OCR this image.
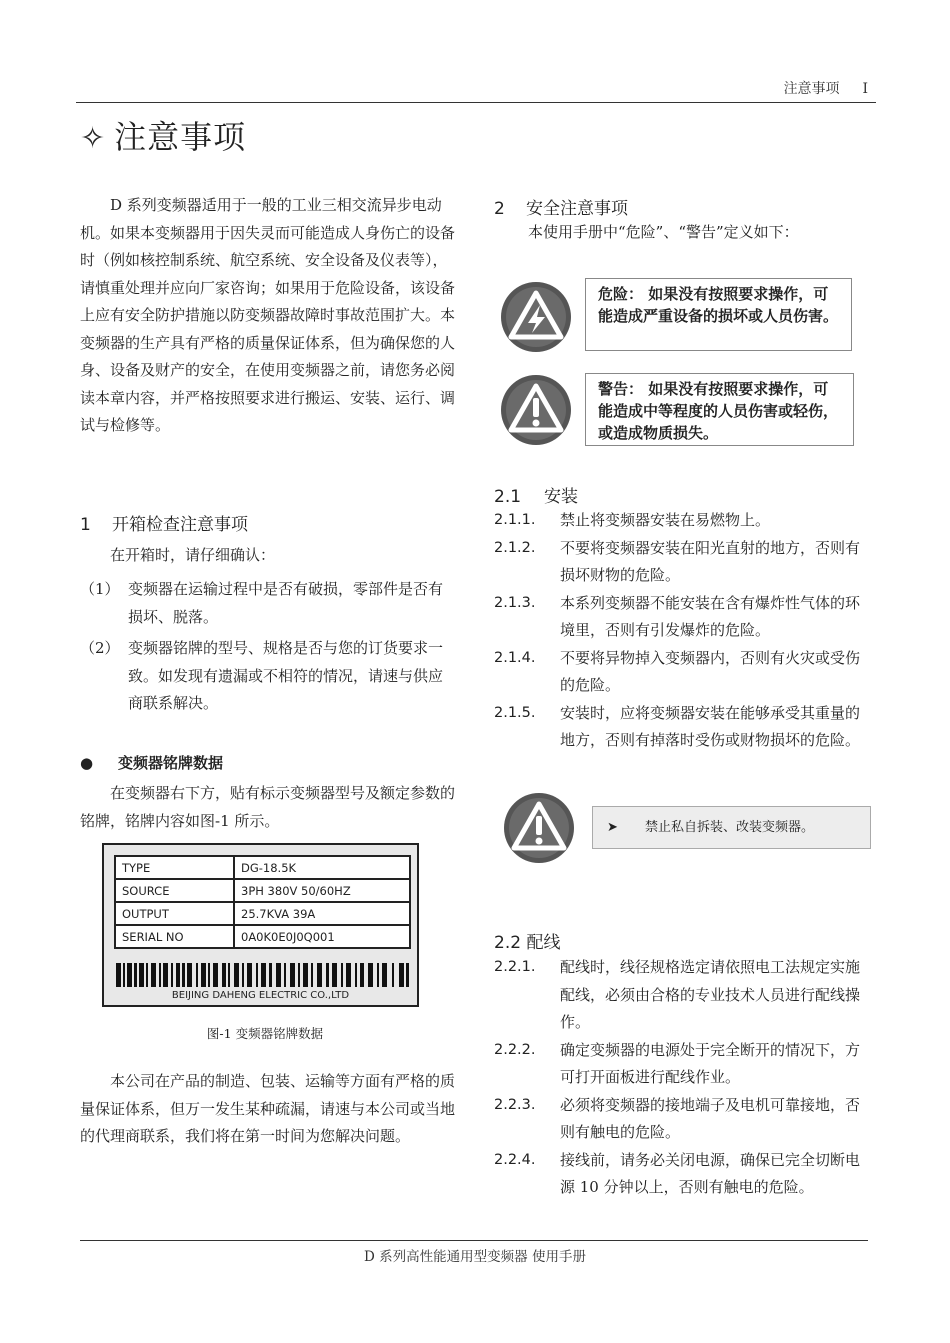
注意事项 I
✧ 注意事项

D 系列变频器适用于一般的工业三相交流异步电动机。如果本变频器用于因失灵而可能造成人身伤亡的设备时（例如核控制系统、航空系统、安全设备及仪表等），请慎重处理并应向厂家咨询；如果用于危险设备，该设备上应有安全防护措施以防变频器故障时事故范围扩大。本变频器的生产具有严格的质量保证体系，但为确保您的人身、设备及财产的安全，在使用变频器之前，请您务必阅读本章内容，并严格按照要求进行搬运、安装、运行、调试与检修等。

1 开箱检查注意事项

在开箱时，请仔细确认：

（1） 变频器在运输过程中是否有破损，零部件是否有损坏、脱落。
（2） 变频器铭牌的型号、规格是否与您的订货要求一致。如发现有遗漏或不相符的情况，请速与供应商联系解决。
● 变频器铭牌数据

在变频器右下方，贴有标示变频器型号及额定参数的铭牌，铭牌内容如图-1 所示。

TYPE	DG-18.5K
SOURCE	3PH 380V 50/60HZ
OUTPUT	25.7KVA 39A
SERIAL NO	0A0K0E0J0Q001
BEIJING DAHENG ELECTRIC CO.,LTD
图-1 变频器铭牌数据

本公司在产品的制造、包装、运输等方面有严格的质量保证体系，但万一发生某种疏漏，请速与本公司或当地的代理商联系，我们将在第一时间为您解决问题。

2 安全注意事项
本使用手册中“危险”、“警告”定义如下：
危险： 如果没有按照要求操作，可能造成严重设备的损坏或人员伤害。
警告： 如果没有按照要求操作，可能造成中等程度的人员伤害或轻伤，或造成物质损失。
2.1 安装
2.1.1.	禁止将变频器安装在易燃物上。
2.1.2.	不要将变频器安装在阳光直射的地方，否则有损坏财物的危险。
2.1.3.	本系列变频器不能安装在含有爆炸性气体的环境里，否则有引发爆炸的危险。
2.1.4.	不要将异物掉入变频器内，否则有火灾或受伤的危险。
2.1.5.	安装时，应将变频器安装在能够承受其重量的地方，否则有掉落时受伤或财物损坏的危险。
➤ 禁止私自拆装、改装变频器。
2.2 配线
2.2.1.	配线时，线径规格选定请依照电工法规定实施配线，必须由合格的专业技术人员进行配线操作。
2.2.2.	确定变频器的电源处于完全断开的情况下，方可打开面板进行配线作业。
2.2.3.	必须将变频器的接地端子及电机可靠接地，否则有触电的危险。
2.2.4.	接线前，请务必关闭电源，确保已完全切断电源 10 分钟以上，否则有触电的危险。
D 系列高性能通用型变频器 使用手册
